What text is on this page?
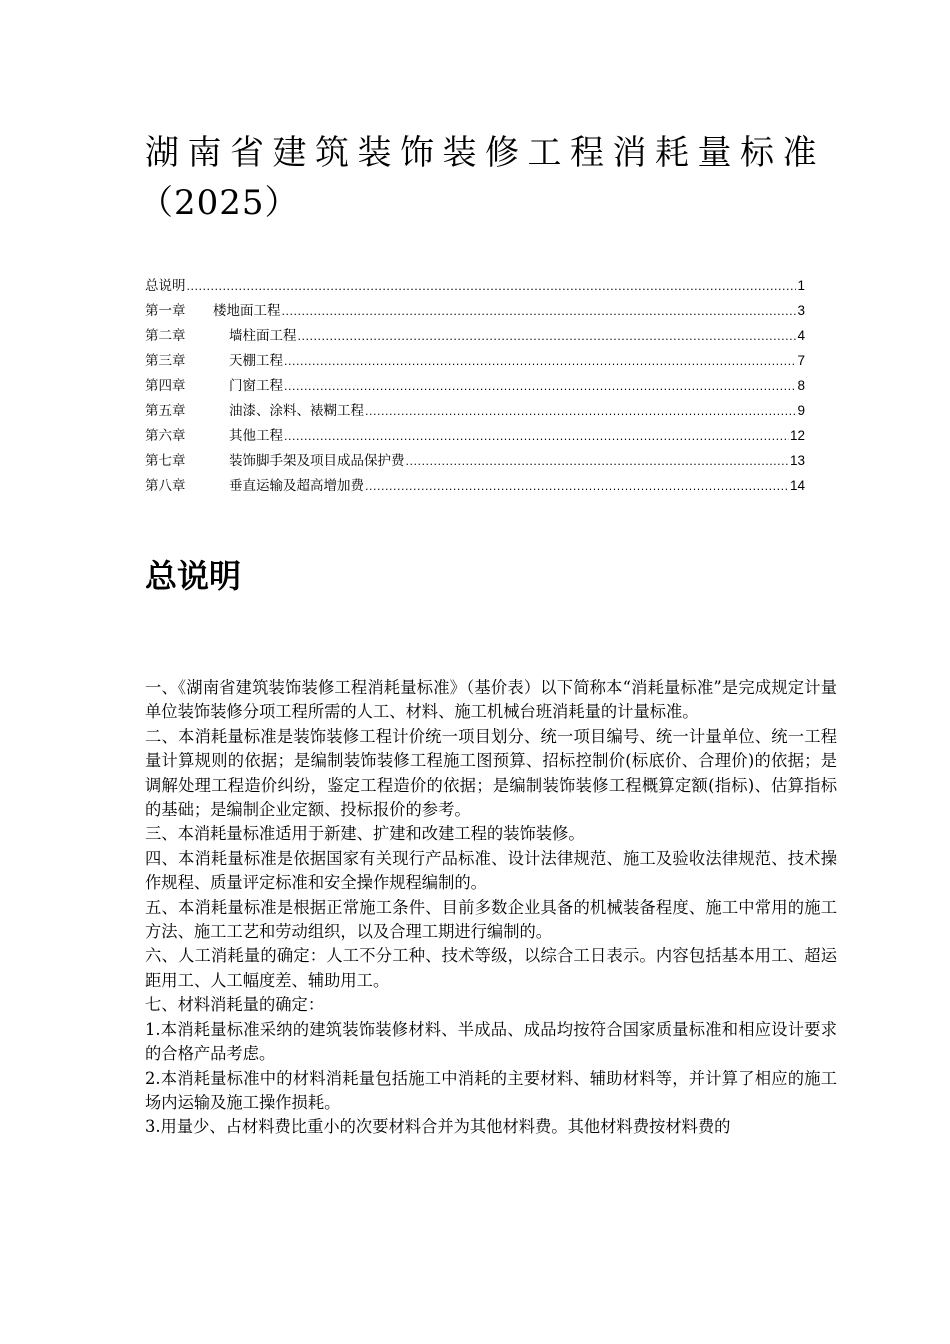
湖南省建筑装饰装修工程消耗量标准
（2025）
总说明 .....	1
第一章	楼地面工程 .....	3
第二章	墙柱面工程 .....	4
第三章	天棚工程 .....	7
第四章	门窗工程 .....	8
第五章	油漆、涂料、裱糊工程 .....	9
第六章	其他工程 .....	12
第七章	装饰脚手架及项目成品保护费 .....	13
第八章	垂直运输及超高增加费 .....	14
总说明

一、《湖南省建筑装饰装修工程消耗量标准》（基价表）以下简称本“消耗量标准”是完成规定计量单位装饰装修分项工程所需的人工、材料、施工机械台班消耗量的计量标准。

二、本消耗量标准是装饰装修工程计价统一项目划分、统一项目编号、统一计量单位、统一工程量计算规则的依据；是编制装饰装修工程施工图预算、招标控制价(标底价、合理价)的依据；是调解处理工程造价纠纷，鉴定工程造价的依据；是编制装饰装修工程概算定额(指标)、估算指标的基础；是编制企业定额、投标报价的参考。

三、本消耗量标准适用于新建、扩建和改建工程的装饰装修。

四、本消耗量标准是依据国家有关现行产品标准、设计法律规范、施工及验收法律规范、技术操作规程、质量评定标准和安全操作规程编制的。

五、本消耗量标准是根据正常施工条件、目前多数企业具备的机械装备程度、施工中常用的施工方法、施工工艺和劳动组织，以及合理工期进行编制的。

六、人工消耗量的确定：人工不分工种、技术等级，以综合工日表示。内容包括基本用工、超运距用工、人工幅度差、辅助用工。

七、材料消耗量的确定：

1.本消耗量标准采纳的建筑装饰装修材料、半成品、成品均按符合国家质量标准和相应设计要求的合格产品考虑。

2.本消耗量标准中的材料消耗量包括施工中消耗的主要材料、辅助材料等，并计算了相应的施工场内运输及施工操作损耗。

3.用量少、占材料费比重小的次要材料合并为其他材料费。其他材料费按材料费的
